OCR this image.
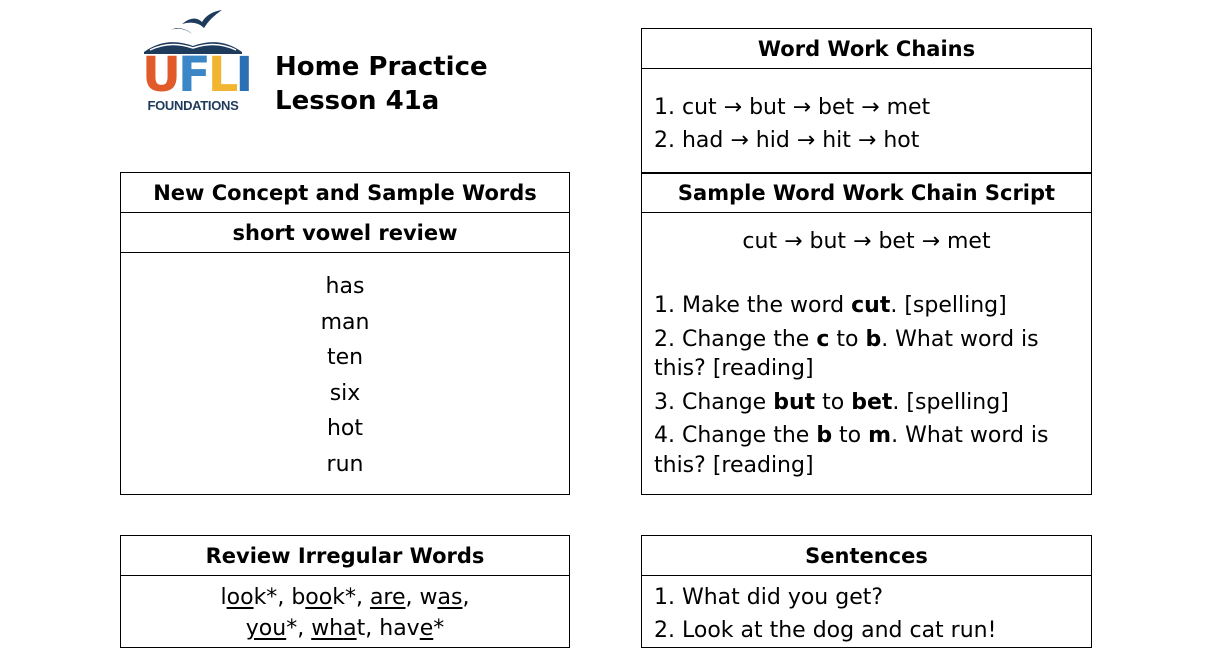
UFLI
FOUNDATIONS
Home Practice
Lesson 41a
New Concept and Sample Words
short vowel review
has
man
ten
six
hot
run
Word Work Chains
1. cut → but → bet → met
2. had → hid → hit → hot
Sample Word Work Chain Script
cut → but → bet → met
1. Make the word cut. [spelling]
2. Change the c to b. What word is this? [reading]
3. Change but to bet. [spelling]
4. Change the b to m. What word is this? [reading]
Review Irregular Words
look*, book*, are, was,
you*, what, have*
Sentences
1. What did you get?
2. Look at the dog and cat run!
